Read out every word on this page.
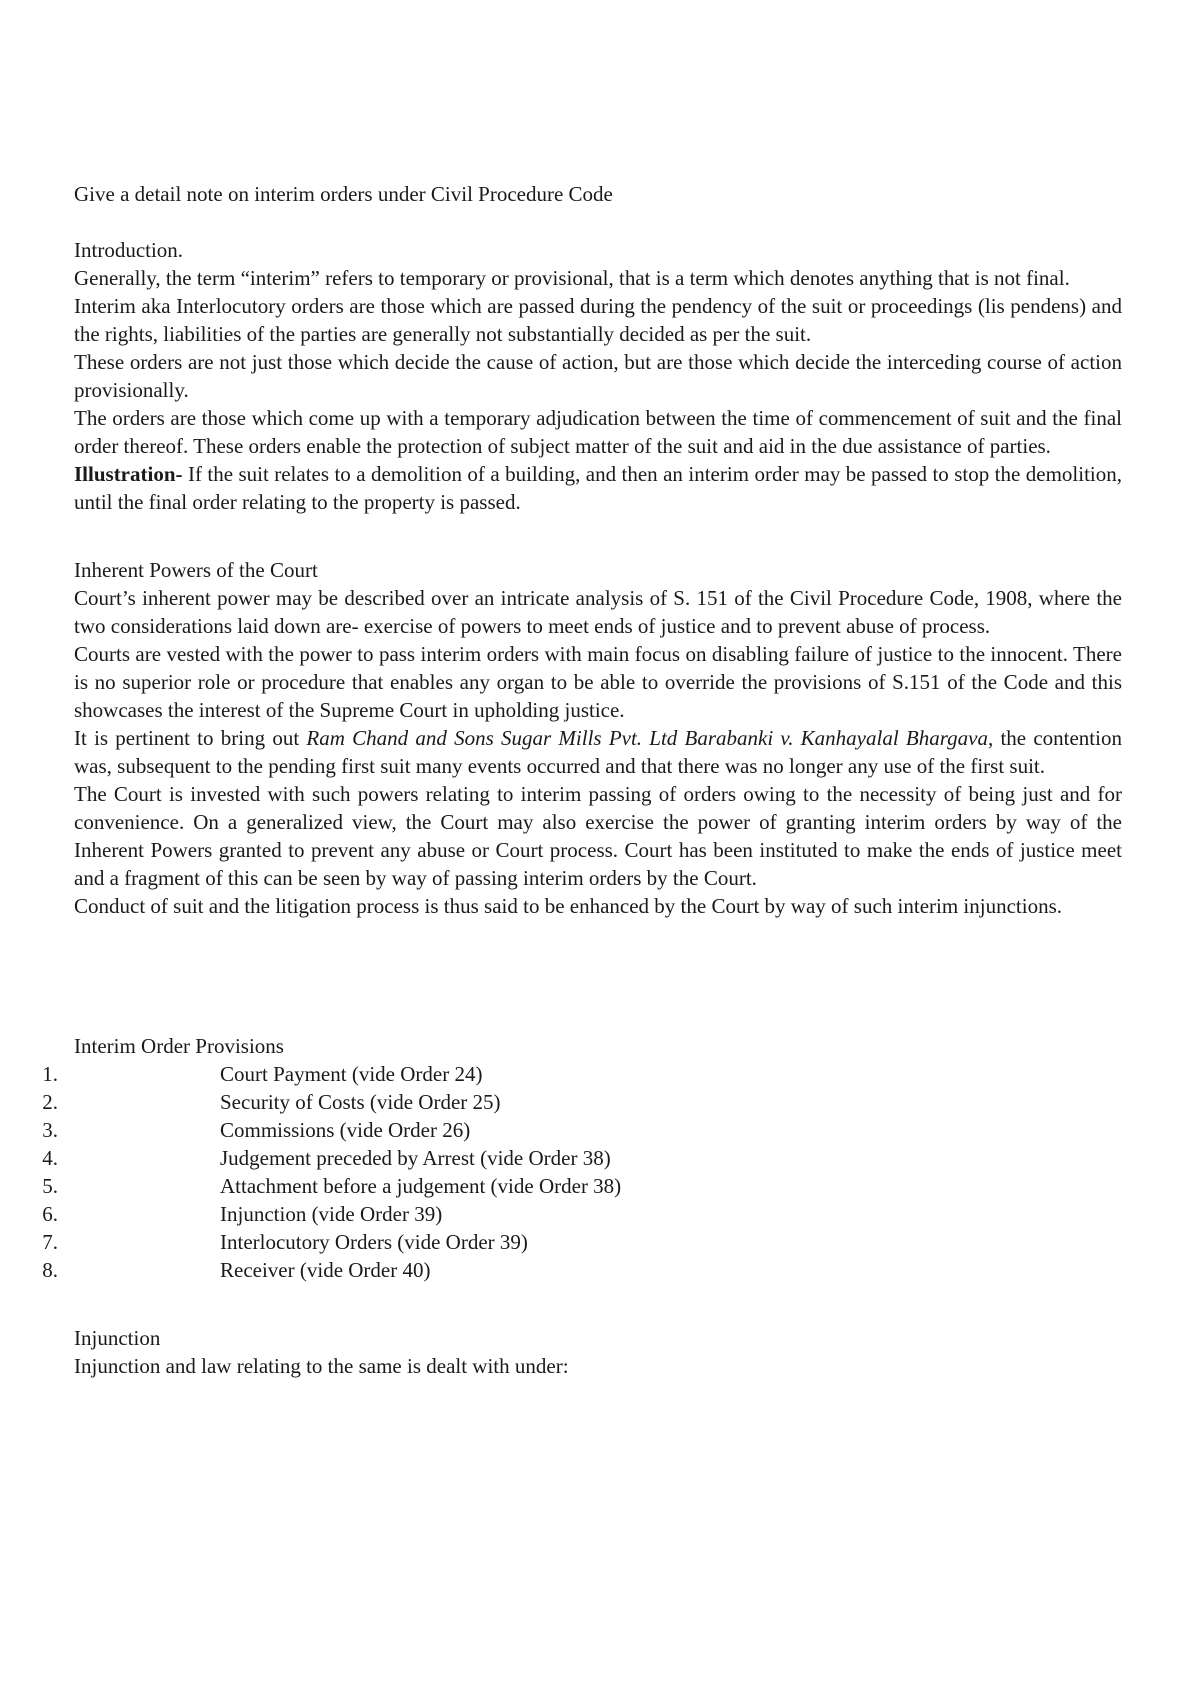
Give a detail note on interim orders under Civil Procedure Code

Introduction.

Generally, the term “interim” refers to temporary or provisional, that is a term which denotes anything that is not final.

Interim aka Interlocutory orders are those which are passed during the pendency of the suit or proceedings (lis pendens) and the rights, liabilities of the parties are generally not substantially decided as per the suit.

These orders are not just those which decide the cause of action, but are those which decide the interceding course of action provisionally.

The orders are those which come up with a temporary adjudication between the time of commencement of suit and the final order thereof. These orders enable the protection of subject matter of the suit and aid in the due assistance of parties.

Illustration- If the suit relates to a demolition of a building, and then an interim order may be passed to stop the demolition, until the final order relating to the property is passed.

Inherent Powers of the Court

Court’s inherent power may be described over an intricate analysis of S. 151 of the Civil Procedure Code, 1908, where the two considerations laid down are- exercise of powers to meet ends of justice and to prevent abuse of process.

Courts are vested with the power to pass interim orders with main focus on disabling failure of justice to the innocent. There is no superior role or procedure that enables any organ to be able to override the provisions of S.151 of the Code and this showcases the interest of the Supreme Court in upholding justice.

It is pertinent to bring out Ram Chand and Sons Sugar Mills Pvt. Ltd Barabanki v. Kanhayalal Bhargava, the contention was, subsequent to the pending first suit many events occurred and that there was no longer any use of the first suit.

The Court is invested with such powers relating to interim passing of orders owing to the necessity of being just and for convenience. On a generalized view, the Court may also exercise the power of granting interim orders by way of the Inherent Powers granted to prevent any abuse or Court process. Court has been instituted to make the ends of justice meet and a fragment of this can be seen by way of passing interim orders by the Court.

Conduct of suit and the litigation process is thus said to be enhanced by the Court by way of such interim injunctions.

Interim Order Provisions

1.	Court Payment (vide Order 24)
2.	Security of Costs (vide Order 25)
3.	Commissions (vide Order 26)
4.	Judgement preceded by Arrest (vide Order 38)
5.	Attachment before a judgement (vide Order 38)
6.	Injunction (vide Order 39)
7.	Interlocutory Orders (vide Order 39)
8.	Receiver (vide Order 40)

Injunction

Injunction and law relating to the same is dealt with under:
